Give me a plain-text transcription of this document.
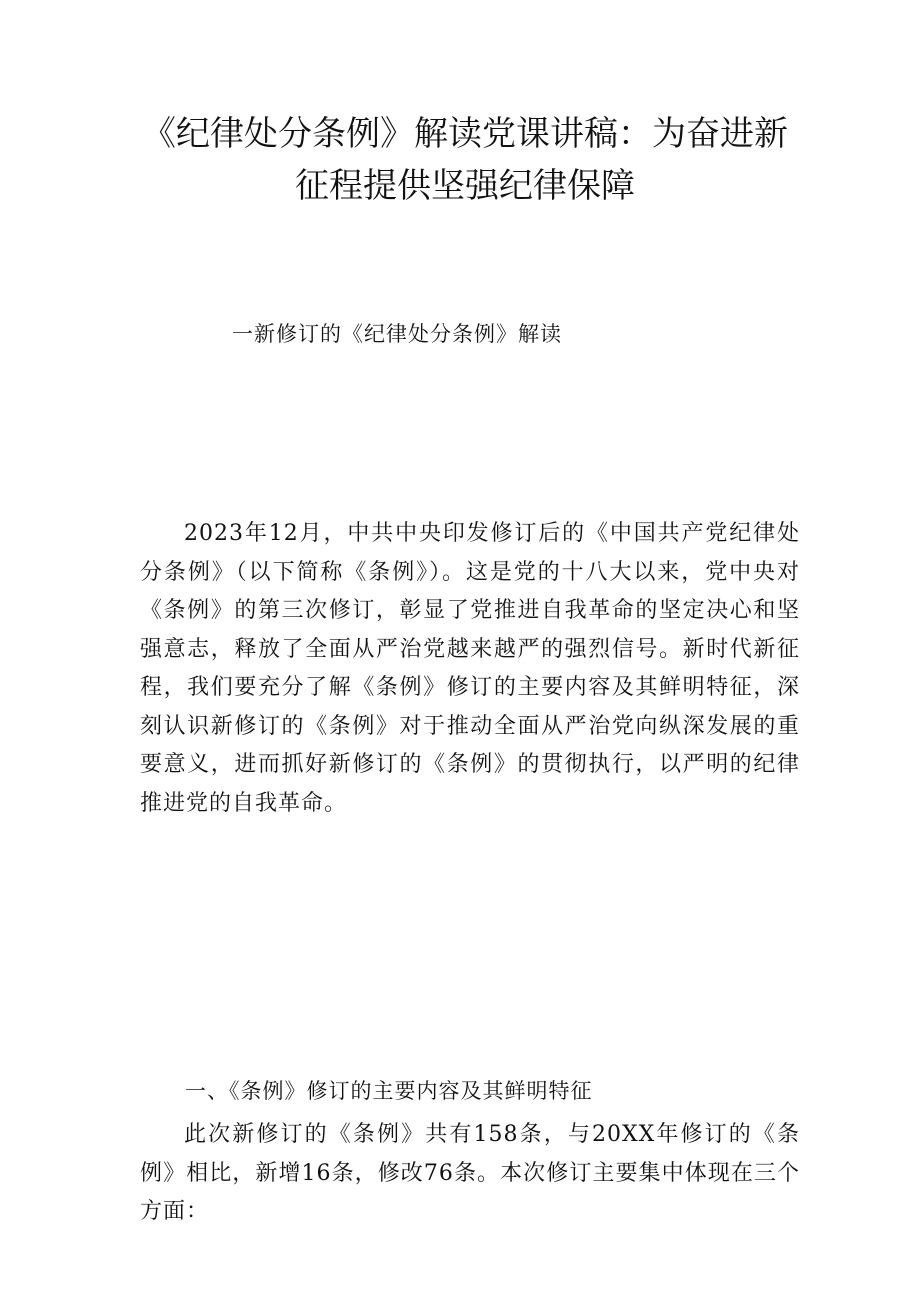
《纪律处分条例》解读党课讲稿：为奋进新征程提供坚强纪律保障

一新修订的《纪律处分条例》解读

2023年12月，中共中央印发修订后的《中国共产党纪律处分条例》（以下简称《条例》）。这是党的十八大以来，党中央对《条例》的第三次修订，彰显了党推进自我革命的坚定决心和坚强意志，释放了全面从严治党越来越严的强烈信号。新时代新征程，我们要充分了解《条例》修订的主要内容及其鲜明特征，深刻认识新修订的《条例》对于推动全面从严治党向纵深发展的重要意义，进而抓好新修订的《条例》的贯彻执行，以严明的纪律推进党的自我革命。

一、《条例》修订的主要内容及其鲜明特征

此次新修订的《条例》共有158条，与20XX年修订的《条例》相比，新增16条，修改76条。本次修订主要集中体现在三个方面：
